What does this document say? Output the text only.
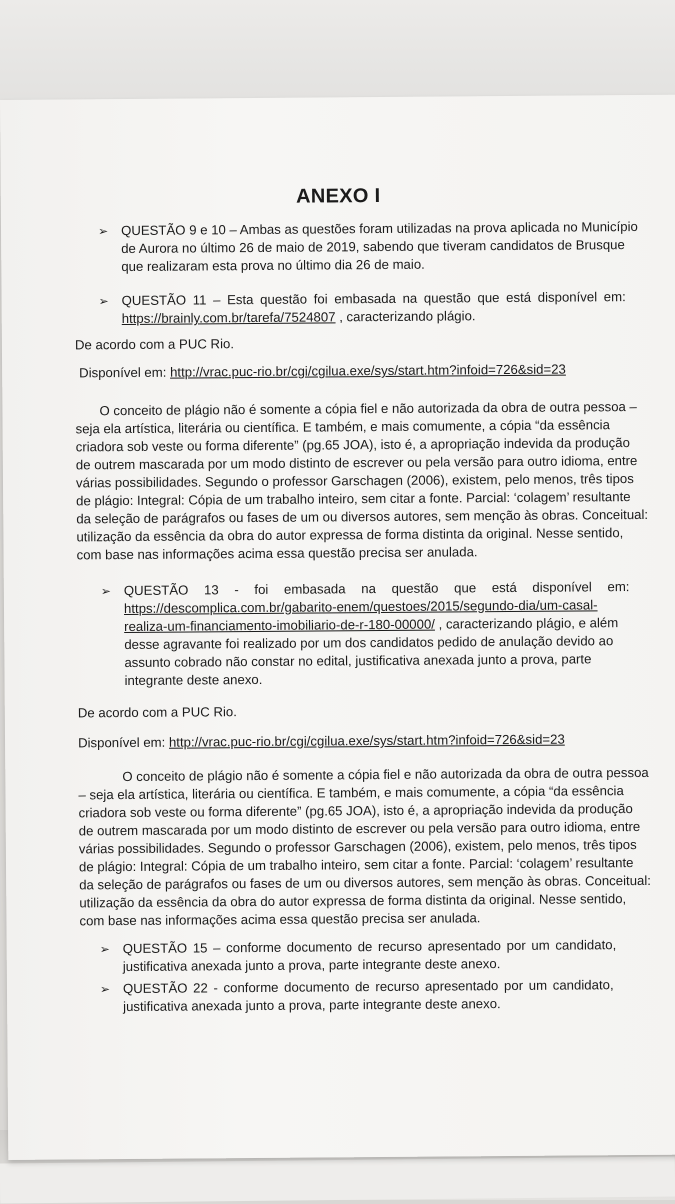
ANEXO I
➢ QUESTÃO 9 e 10 – Ambas as questões foram utilizadas na prova aplicada no Município
de Aurora no último 26 de maio de 2019, sabendo que tiveram candidatos de Brusque
que realizaram esta prova no último dia 26 de maio.
➢ QUESTÃO 11 – Esta questão foi embasada na questão que está disponível em:
https://brainly.com.br/tarefa/7524807 , caracterizando plágio.
De acordo com a PUC Rio.
Disponível em: http://vrac.puc-rio.br/cgi/cgilua.exe/sys/start.htm?infoid=726&sid=23
O conceito de plágio não é somente a cópia fiel e não autorizada da obra de outra pessoa –
seja ela artística, literária ou científica. E também, e mais comumente, a cópia “da essência
criadora sob veste ou forma diferente” (pg.65 JOA), isto é, a apropriação indevida da produção
de outrem mascarada por um modo distinto de escrever ou pela versão para outro idioma, entre
várias possibilidades. Segundo o professor Garschagen (2006), existem, pelo menos, três tipos
de plágio: Integral: Cópia de um trabalho inteiro, sem citar a fonte. Parcial: ‘colagem’ resultante
da seleção de parágrafos ou fases de um ou diversos autores, sem menção às obras. Conceitual:
utilização da essência da obra do autor expressa de forma distinta da original. Nesse sentido,
com base nas informações acima essa questão precisa ser anulada.
➢ QUESTÃO 13 - foi embasada na questão que está disponível em:
https://descomplica.com.br/gabarito-enem/questoes/2015/segundo-dia/um-casal-
realiza-um-financiamento-imobiliario-de-r-180-00000/ , caracterizando plágio, e além
desse agravante foi realizado por um dos candidatos pedido de anulação devido ao
assunto cobrado não constar no edital, justificativa anexada junto a prova, parte
integrante deste anexo.
De acordo com a PUC Rio.
Disponível em: http://vrac.puc-rio.br/cgi/cgilua.exe/sys/start.htm?infoid=726&sid=23
O conceito de plágio não é somente a cópia fiel e não autorizada da obra de outra pessoa
– seja ela artística, literária ou científica. E também, e mais comumente, a cópia “da essência
criadora sob veste ou forma diferente” (pg.65 JOA), isto é, a apropriação indevida da produção
de outrem mascarada por um modo distinto de escrever ou pela versão para outro idioma, entre
várias possibilidades. Segundo o professor Garschagen (2006), existem, pelo menos, três tipos
de plágio: Integral: Cópia de um trabalho inteiro, sem citar a fonte. Parcial: ‘colagem’ resultante
da seleção de parágrafos ou fases de um ou diversos autores, sem menção às obras. Conceitual:
utilização da essência da obra do autor expressa de forma distinta da original. Nesse sentido,
com base nas informações acima essa questão precisa ser anulada.
➢ QUESTÃO 15 – conforme documento de recurso apresentado por um candidato,
justificativa anexada junto a prova, parte integrante deste anexo.
➢ QUESTÃO 22 - conforme documento de recurso apresentado por um candidato,
justificativa anexada junto a prova, parte integrante deste anexo.
